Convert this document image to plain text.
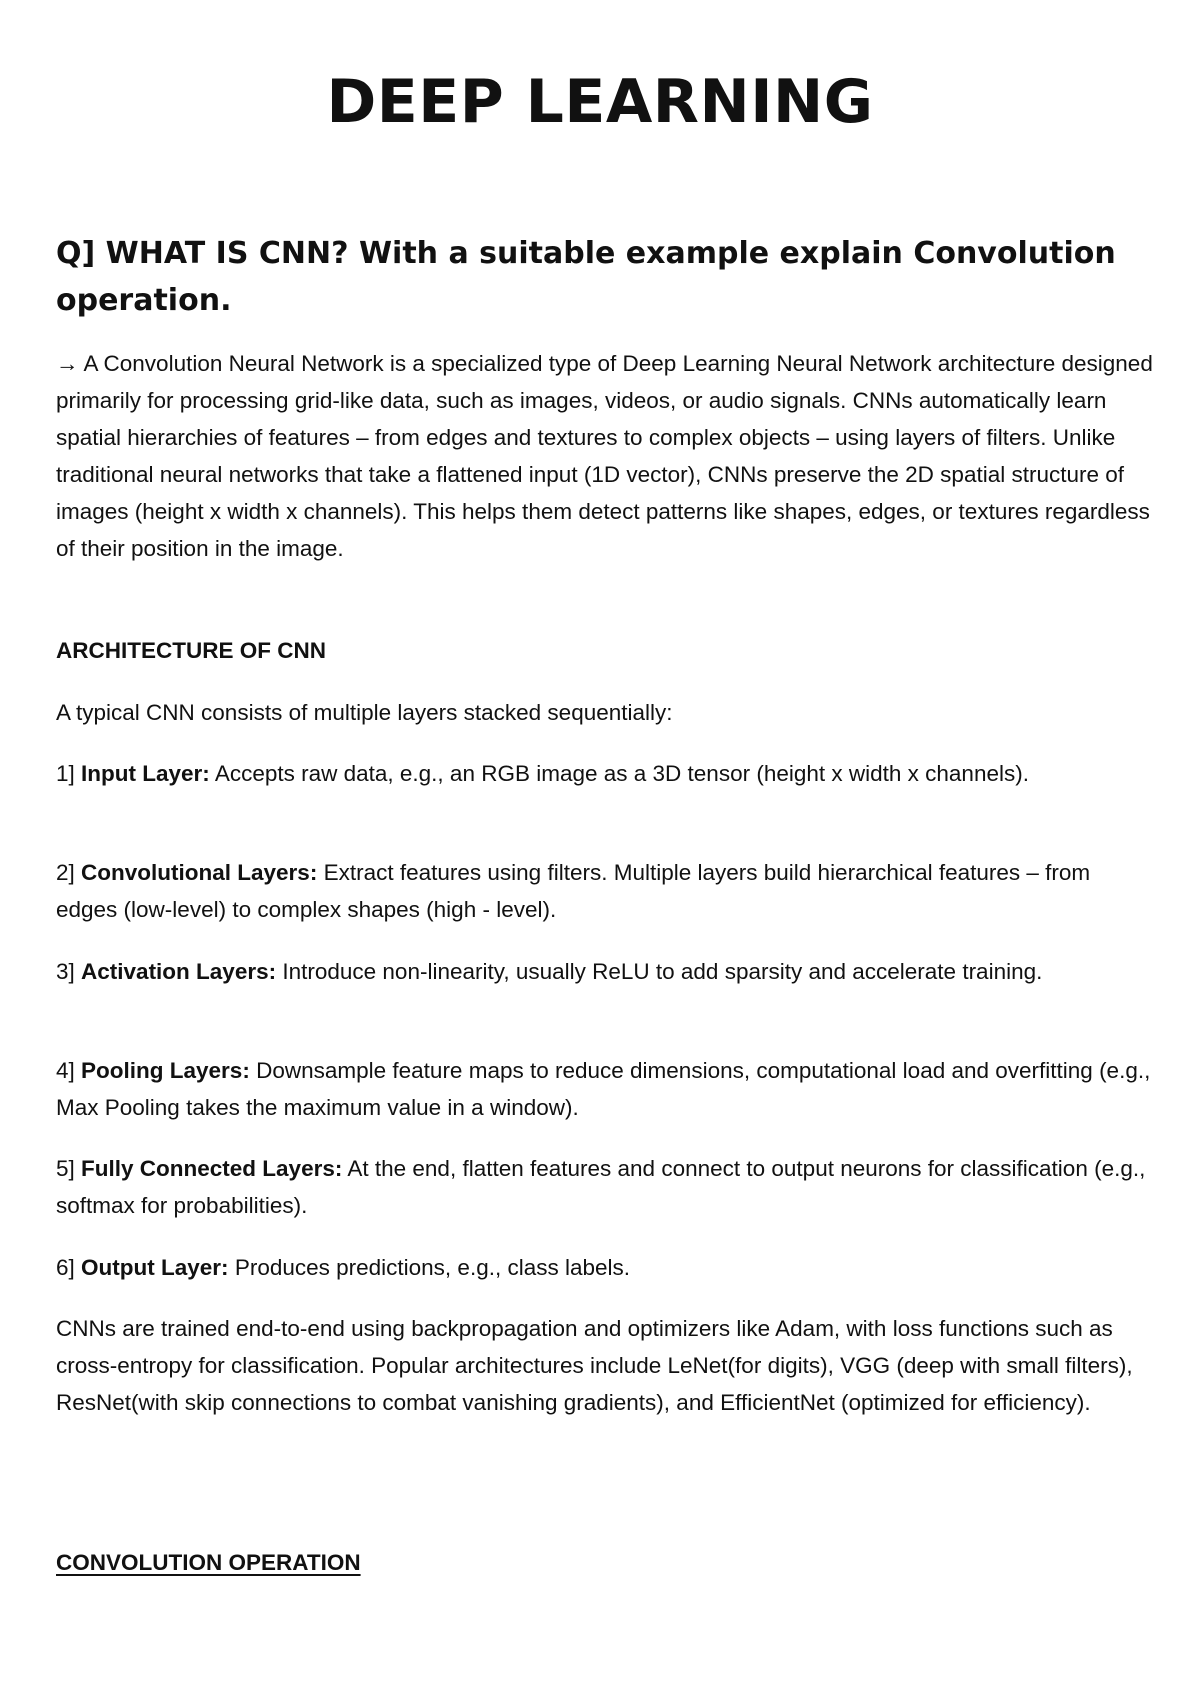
DEEP LEARNING
Q] WHAT IS CNN? With a suitable example explain Convolution operation.

→ A Convolution Neural Network is a specialized type of Deep Learning Neural Network architecture designed primarily for processing grid-like data, such as images, videos, or audio signals. CNNs automatically learn spatial hierarchies of features – from edges and textures to complex objects – using layers of filters. Unlike traditional neural networks that take a flattened input (1D vector), CNNs preserve the 2D spatial structure of images (height x width x channels). This helps them detect patterns like shapes, edges, or textures regardless of their position in the image.

ARCHITECTURE OF CNN

A typical CNN consists of multiple layers stacked sequentially:

1] Input Layer: Accepts raw data, e.g., an RGB image as a 3D tensor (height x width x channels).

2] Convolutional Layers: Extract features using filters. Multiple layers build hierarchical features – from edges (low-level) to complex shapes (high - level).

3] Activation Layers: Introduce non-linearity, usually ReLU to add sparsity and accelerate training.

4] Pooling Layers: Downsample feature maps to reduce dimensions, computational load and overfitting (e.g., Max Pooling takes the maximum value in a window).

5] Fully Connected Layers: At the end, flatten features and connect to output neurons for classification (e.g., softmax for probabilities).

6] Output Layer: Produces predictions, e.g., class labels.

CNNs are trained end-to-end using backpropagation and optimizers like Adam, with loss functions such as cross-entropy for classification. Popular architectures include LeNet(for digits), VGG (deep with small filters), ResNet(with skip connections to combat vanishing gradients), and EfficientNet (optimized for efficiency).

CONVOLUTION OPERATION
